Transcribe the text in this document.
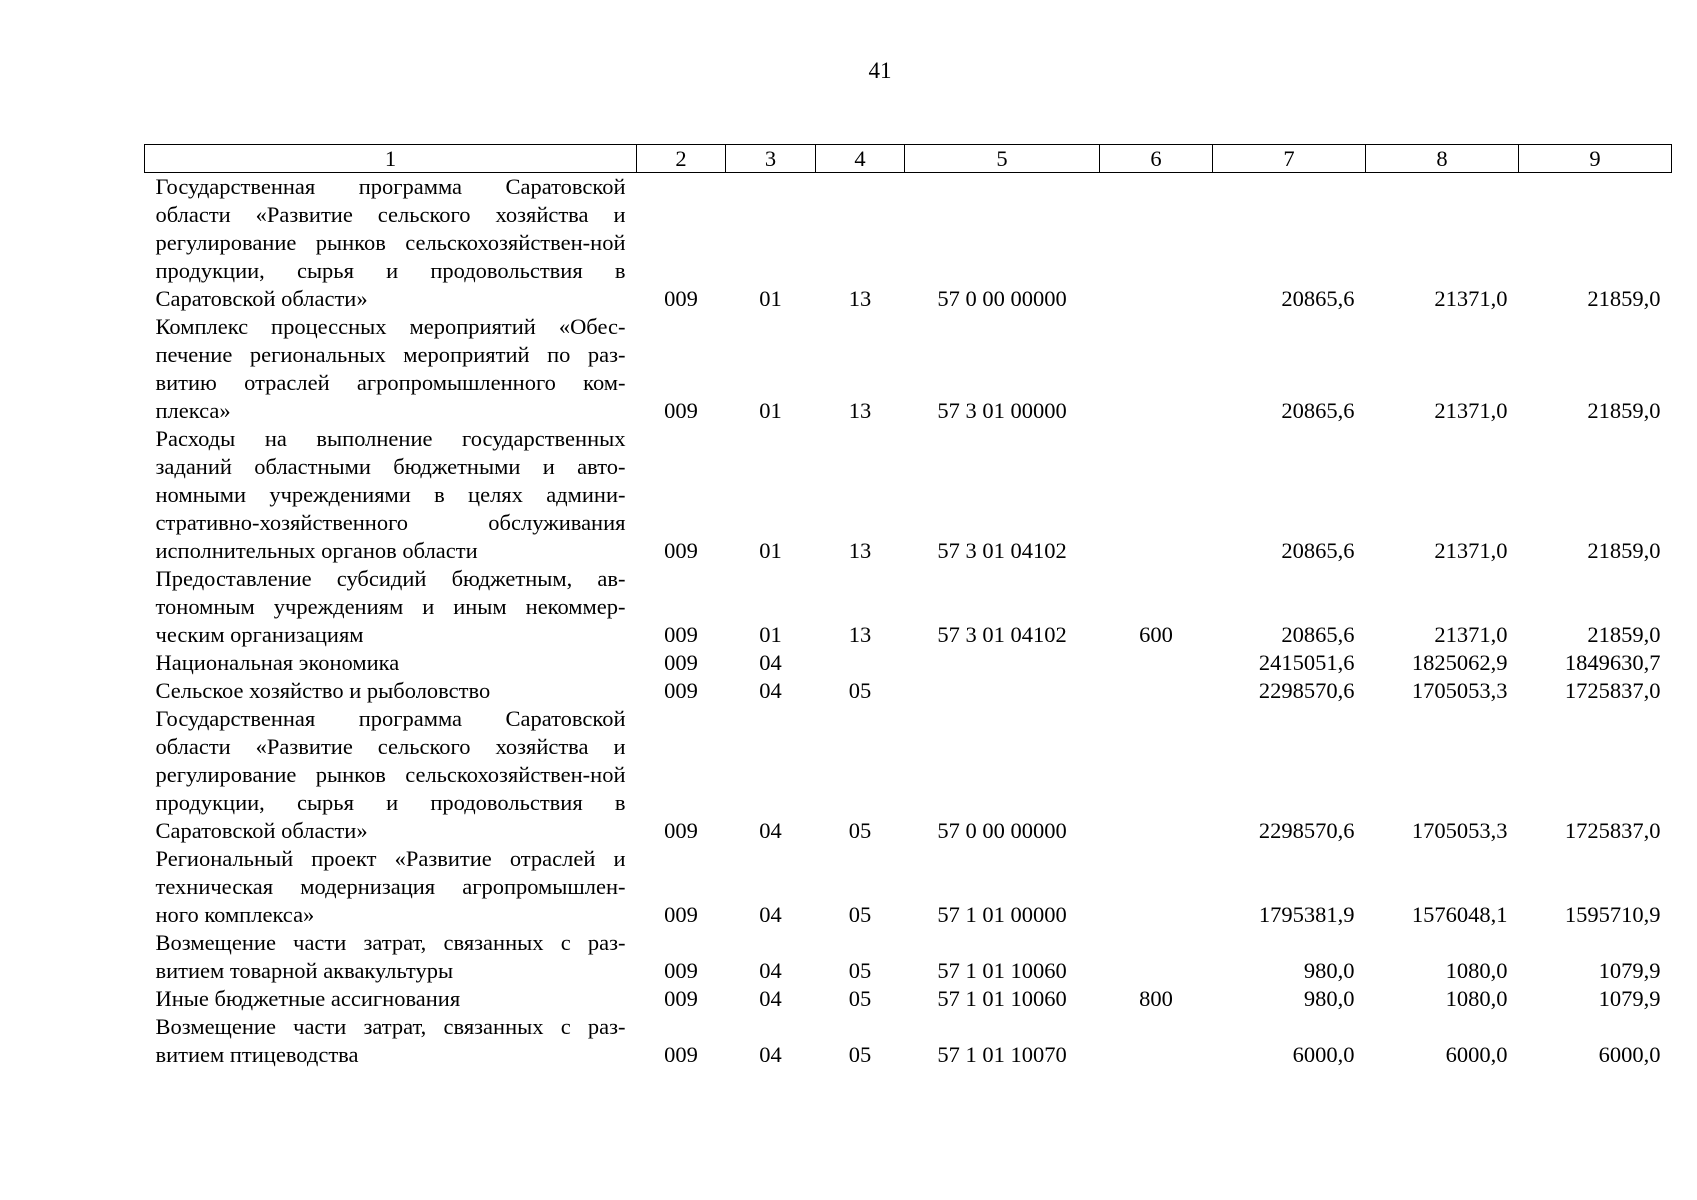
41
1	2	3	4	5	6	7	8	9
Государственная программа Саратовской области «Развитие сельского хозяйства и регулирование рынков сельскохозяйствен-ной продукции, сырья и продовольствия в Саратовской области»	009	01	13	57 0 00 00000		20865,6	21371,0	21859,0
Комплекс процессных мероприятий «Обес-печение региональных мероприятий по раз-витию отраслей агропромышленного ком-плекса»	009	01	13	57 3 01 00000		20865,6	21371,0	21859,0
Расходы на выполнение государственных заданий областными бюджетными и авто-номными учреждениями в целях админи-стративно-хозяйственного обслуживания исполнительных органов области	009	01	13	57 3 01 04102		20865,6	21371,0	21859,0
Предоставление субсидий бюджетным, ав-тономным учреждениям и иным некоммер-ческим организациям	009	01	13	57 3 01 04102	600	20865,6	21371,0	21859,0
Национальная экономика	009	04				2415051,6	1825062,9	1849630,7
Сельское хозяйство и рыболовство	009	04	05			2298570,6	1705053,3	1725837,0
Государственная программа Саратовской области «Развитие сельского хозяйства и регулирование рынков сельскохозяйствен-ной продукции, сырья и продовольствия в Саратовской области»	009	04	05	57 0 00 00000		2298570,6	1705053,3	1725837,0
Региональный проект «Развитие отраслей и техническая модернизация агропромышлен-ного комплекса»	009	04	05	57 1 01 00000		1795381,9	1576048,1	1595710,9
Возмещение части затрат, связанных с раз-витием товарной аквакультуры	009	04	05	57 1 01 10060		980,0	1080,0	1079,9
Иные бюджетные ассигнования	009	04	05	57 1 01 10060	800	980,0	1080,0	1079,9
Возмещение части затрат, связанных с раз-витием птицеводства	009	04	05	57 1 01 10070		6000,0	6000,0	6000,0
